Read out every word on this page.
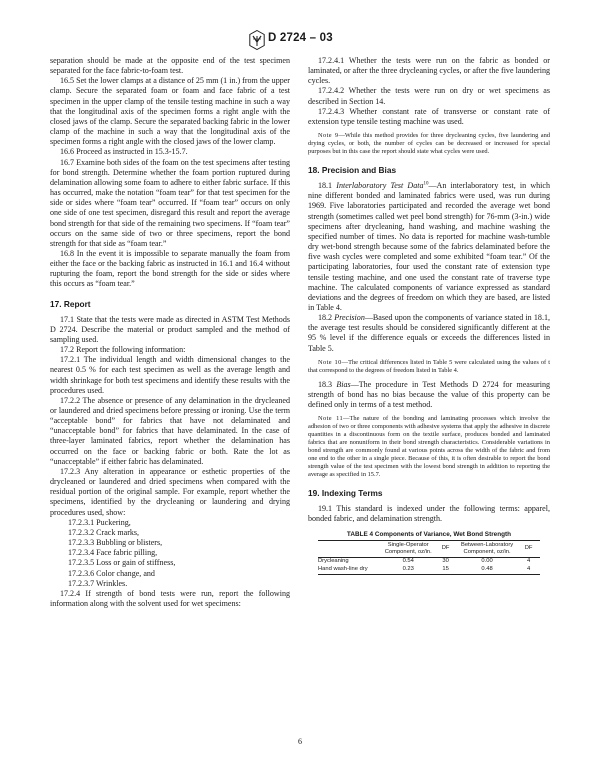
D 2724 – 03

separation should be made at the opposite end of the test specimen separated for the face fabric-to-foam test.

16.5 Set the lower clamps at a distance of 25 mm (1 in.) from the upper clamp. Secure the separated foam or foam and face fabric of a test specimen in the upper clamp of the tensile testing machine in such a way that the longitudinal axis of the specimen forms a right angle with the closed jaws of the clamp. Secure the separated backing fabric in the lower clamp of the machine in such a way that the longitudinal axis of the specimen forms a right angle with the closed jaws of the lower clamp.

16.6 Proceed as instructed in 15.3-15.7.

16.7 Examine both sides of the foam on the test specimens after testing for bond strength. Determine whether the foam portion ruptured during delamination allowing some foam to adhere to either fabric surface. If this has occurred, make the notation “foam tear” for that test specimen for the side or sides where “foam tear” occurred. If “foam tear” occurs on only one side of one test specimen, disregard this result and report the average bond strength for that side of the remaining two specimens. If “foam tear” occurs on the same side of two or three specimens, report the bond strength for that side as “foam tear.”

16.8 In the event it is impossible to separate manually the foam from either the face or the backing fabric as instructed in 16.1 and 16.4 without rupturing the foam, report the bond strength for the side or sides where this occurs as “foam tear.”

17. Report

17.1 State that the tests were made as directed in ASTM Test Methods D 2724. Describe the material or product sampled and the method of sampling used.

17.2 Report the following information:

17.2.1 The individual length and width dimensional changes to the nearest 0.5 % for each test specimen as well as the average length and width shrinkage for both test specimens and identify these results with the procedures used.

17.2.2 The absence or presence of any delamination in the drycleaned or laundered and dried specimens before pressing or ironing. Use the term “acceptable bond” for fabrics that have not delaminated and “unacceptable bond” for fabrics that have delaminated. In the case of three-layer laminated fabrics, report whether the delamination has occurred on the face or backing fabric or both. Rate the lot as “unacceptable” if either fabric has delaminated.

17.2.3 Any alteration in appearance or esthetic properties of the drycleaned or laundered and dried specimens when compared with the residual portion of the original sample. For example, report whether the specimens, identified by the drycleaning or laundering and drying procedures used, show:

17.2.3.1 Puckering,

17.2.3.2 Crack marks,

17.2.3.3 Bubbling or blisters,

17.2.3.4 Face fabric pilling,

17.2.3.5 Loss or gain of stiffness,

17.2.3.6 Color change, and

17.2.3.7 Wrinkles.

17.2.4 If strength of bond tests were run, report the following information along with the solvent used for wet specimens:

17.2.4.1 Whether the tests were run on the fabric as bonded or laminated, or after the three drycleaning cycles, or after the five laundering cycles.

17.2.4.2 Whether the tests were run on dry or wet specimens as described in Section 14.

17.2.4.3 Whether constant rate of transverse or constant rate of extension type tensile testing machine was used.

Note 9—While this method provides for three drycleaning cycles, five laundering and drying cycles, or both, the number of cycles can be decreased or increased for special purposes but in this case the report should state what cycles were used.

18. Precision and Bias

18.1 Interlaboratory Test Data$^{10}$—An interlaboratory test, in which nine different bonded and laminated fabrics were used, was run during 1969. Five laboratories participated and recorded the average wet bond strength (sometimes called wet peel bond strength) for 76-mm (3-in.) wide specimens after drycleaning, hand washing, and machine washing the specified number of times. No data is reported for machine wash-tumble dry wet-bond strength because some of the fabrics delaminated before the five wash cycles were completed and some exhibited “foam tear.” Of the participating laboratories, four used the constant rate of extension type tensile testing machine, and one used the constant rate of traverse type machine. The calculated components of variance expressed as standard deviations and the degrees of freedom on which they are based, are listed in Table 4.

18.2 Precision—Based upon the components of variance stated in 18.1, the average test results should be considered significantly different at the 95 % level if the difference equals or exceeds the differences listed in Table 5.

Note 10—The critical differences listed in Table 5 were calculated using the values of t that correspond to the degrees of freedom listed in Table 4.

18.3 Bias—The procedure in Test Methods D 2724 for measuring strength of bond has no bias because the value of this property can be defined only in terms of a test method.

Note 11—The nature of the bonding and laminating processes which involve the adhesion of two or three components with adhesive systems that apply the adhesive in discrete quantities in a discontinuous form on the textile surface, produces bonded and laminated fabrics that are nonuniform in their bond strength characteristics. Considerable variations in bond strength are commonly found at various points across the width of the fabric and from one end to the other in a single piece. Because of this, it is often desirable to report the bond strength value of the test specimen with the lowest bond strength in addition to reporting the average as specified in 15.7.

19. Indexing Terms

19.1 This standard is indexed under the following terms: apparel, bonded fabric, and delamination strength.

TABLE 4 Components of Variance, Wet Bond Strength
	Single-Operator Component, oz/in.	DF	Between-Laboratory Component, oz/in.	DF
Drycleaning	0.54	30	0.00	4
Hand wash-line dry	0.23	15	0.48	4
6
